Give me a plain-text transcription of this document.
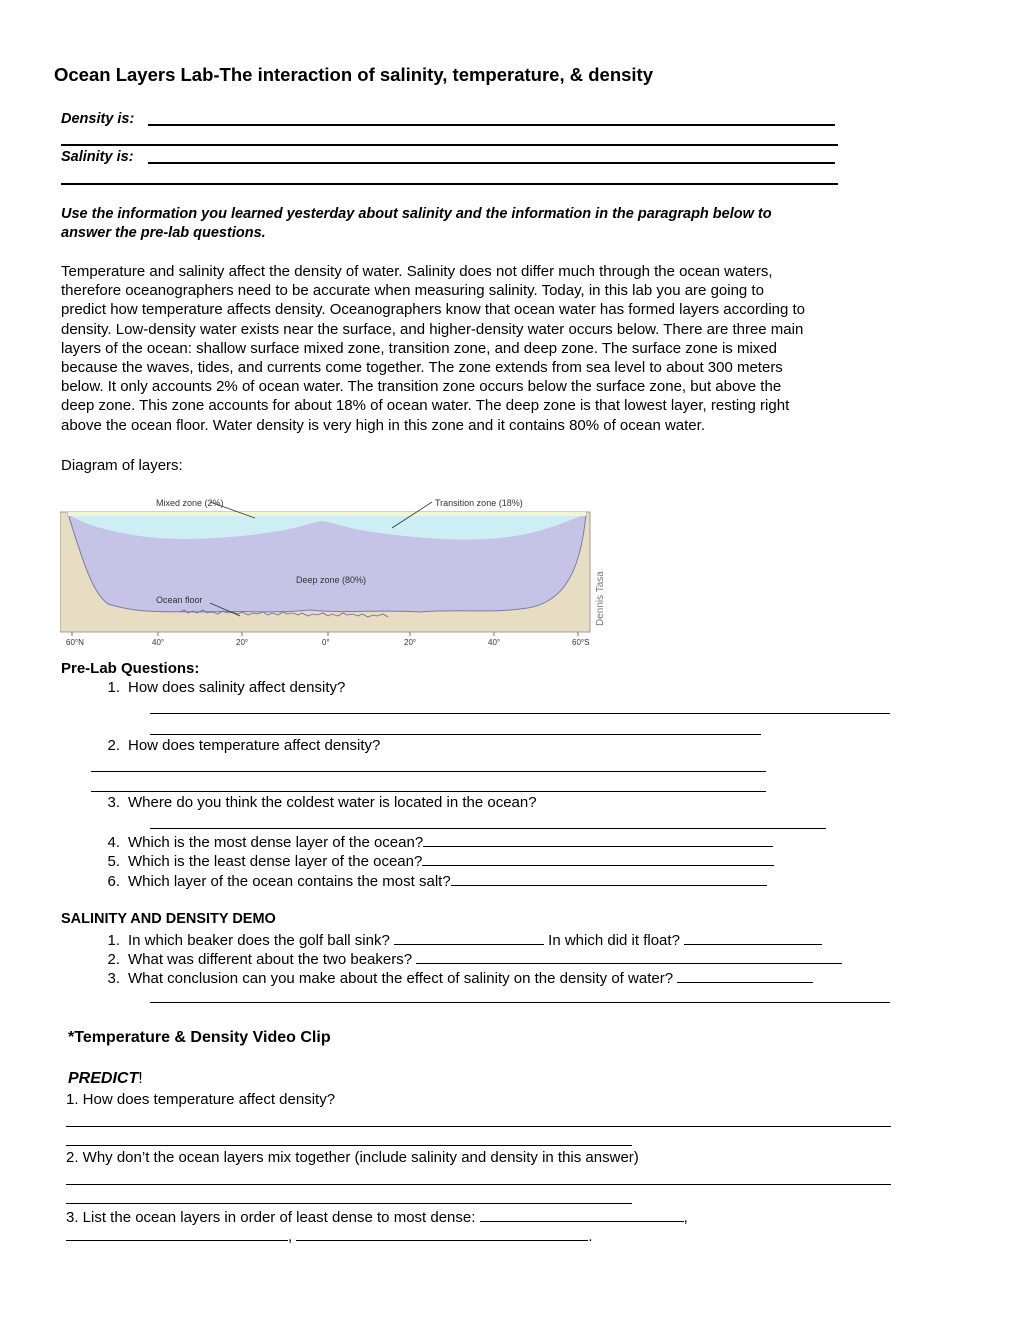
Ocean Layers Lab-The interaction of salinity, temperature, & density
Density is:
Salinity is:

Use the information you learned yesterday about salinity and the information in the paragraph below to

answer the pre-lab questions.

Temperature and salinity affect the density of water. Salinity does not differ much through the ocean waters,

therefore oceanographers need to be accurate when measuring salinity. Today, in this lab you are going to

predict how temperature affects density. Oceanographers know that ocean water has formed layers according to

density. Low-density water exists near the surface, and higher-density water occurs below. There are three main

layers of the ocean: shallow surface mixed zone, transition zone, and deep zone. The surface zone is mixed

because the waves, tides, and currents come together. The zone extends from sea level to about 300 meters

below. It only accounts 2% of ocean water. The transition zone occurs below the surface zone, but above the

deep zone. This zone accounts for about 18% of ocean water. The deep zone is that lowest layer, resting right

above the ocean floor. Water density is very high in this zone and it contains 80% of ocean water.

Diagram of layers:
Mixed zone (2%)	Transition zone (18%)
Deep zone (80%)
Ocean floor	Dennis Tasa
60°N	40°	20°	0°	20°	40°	60°S
Pre-Lab Questions:
1. How does salinity affect density?
2. How does temperature affect density?
3. Where do you think the coldest water is located in the ocean?
4. Which is the most dense layer of the ocean?
5. Which is the least dense layer of the ocean?
6. Which layer of the ocean contains the most salt?
SALINITY AND DENSITY DEMO
1. In which beaker does the golf ball sink?	In which did it float?
2. What was different about the two beakers?
3. What conclusion can you make about the effect of salinity on the density of water?
*Temperature & Density Video Clip
PREDICT!
1. How does temperature affect density?
2. Why don’t the ocean layers mix together (include salinity and density in this answer)
3. List the ocean layers in order of least dense to most dense:	,
,	.
